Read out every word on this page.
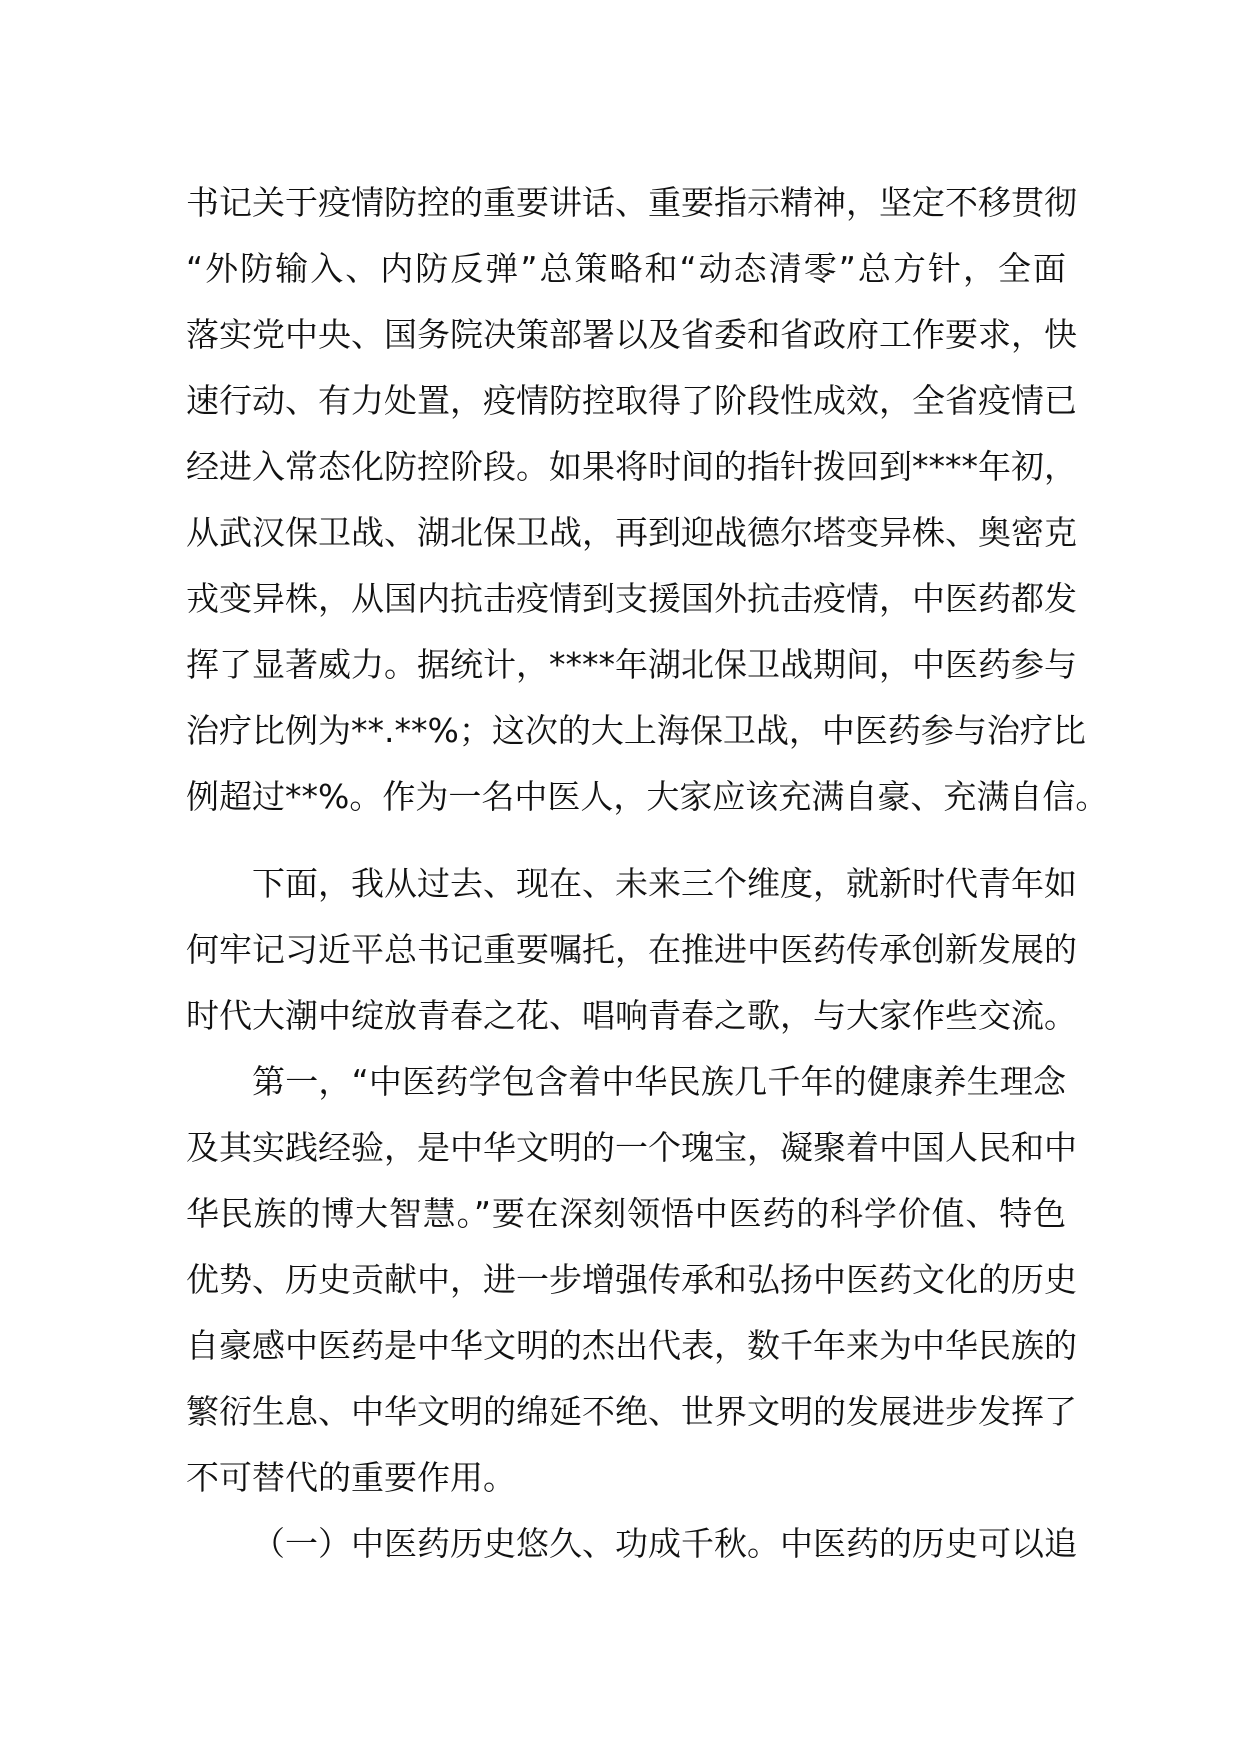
书记关于疫情防控的重要讲话、重要指示精神，坚定不移贯彻
“外防输入、内防反弹”总策略和“动态清零”总方针，全面
落实党中央、国务院决策部署以及省委和省政府工作要求，快
速行动、有力处置，疫情防控取得了阶段性成效，全省疫情已
经进入常态化防控阶段。如果将时间的指针拨回到****年初，
从武汉保卫战、湖北保卫战，再到迎战德尔塔变异株、奥密克
戎变异株，从国内抗击疫情到支援国外抗击疫情，中医药都发
挥了显著威力。据统计，****年湖北保卫战期间，中医药参与
治疗比例为**.**%；这次的大上海保卫战，中医药参与治疗比
例超过**%。作为一名中医人，大家应该充满自豪、充满自信。
下面，我从过去、现在、未来三个维度，就新时代青年如
何牢记习近平总书记重要嘱托，在推进中医药传承创新发展的
时代大潮中绽放青春之花、唱响青春之歌，与大家作些交流。
第一，“中医药学包含着中华民族几千年的健康养生理念
及其实践经验，是中华文明的一个瑰宝，凝聚着中国人民和中
华民族的博大智慧。”要在深刻领悟中医药的科学价值、特色
优势、历史贡献中，进一步增强传承和弘扬中医药文化的历史
自豪感中医药是中华文明的杰出代表，数千年来为中华民族的
繁衍生息、中华文明的绵延不绝、世界文明的发展进步发挥了
不可替代的重要作用。
（一）中医药历史悠久、功成千秋。中医药的历史可以追
